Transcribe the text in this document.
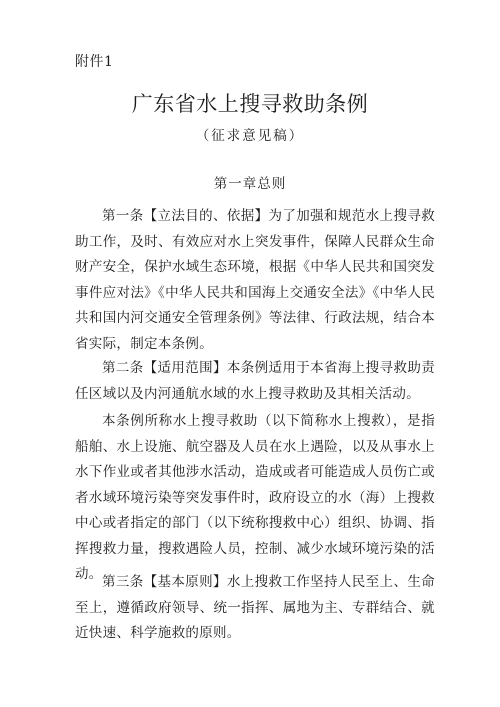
附件1
广东省水上搜寻救助条例
（征求意见稿）
第一章总则

第一条【立法目的、依据】为了加强和规范水上搜寻救助工作，及时、有效应对水上突发事件，保障人民群众生命财产安全，保护水域生态环境，根据《中华人民共和国突发事件应对法》《中华人民共和国海上交通安全法》《中华人民共和国内河交通安全管理条例》等法律、行政法规，结合本省实际，制定本条例。

第二条【适用范围】本条例适用于本省海上搜寻救助责任区域以及内河通航水域的水上搜寻救助及其相关活动。

本条例所称水上搜寻救助（以下简称水上搜救），是指船舶、水上设施、航空器及人员在水上遇险，以及从事水上水下作业或者其他涉水活动，造成或者可能造成人员伤亡或者水域环境污染等突发事件时，政府设立的水（海）上搜救中心或者指定的部门（以下统称搜救中心）组织、协调、指挥搜救力量，搜救遇险人员，控制、减少水域环境污染的活动。 第三条【基本原则】水上搜救工作坚持人民至上、生命至上，遵循政府领导、统一指挥、属地为主、专群结合、就近快速、科学施救的原则。
